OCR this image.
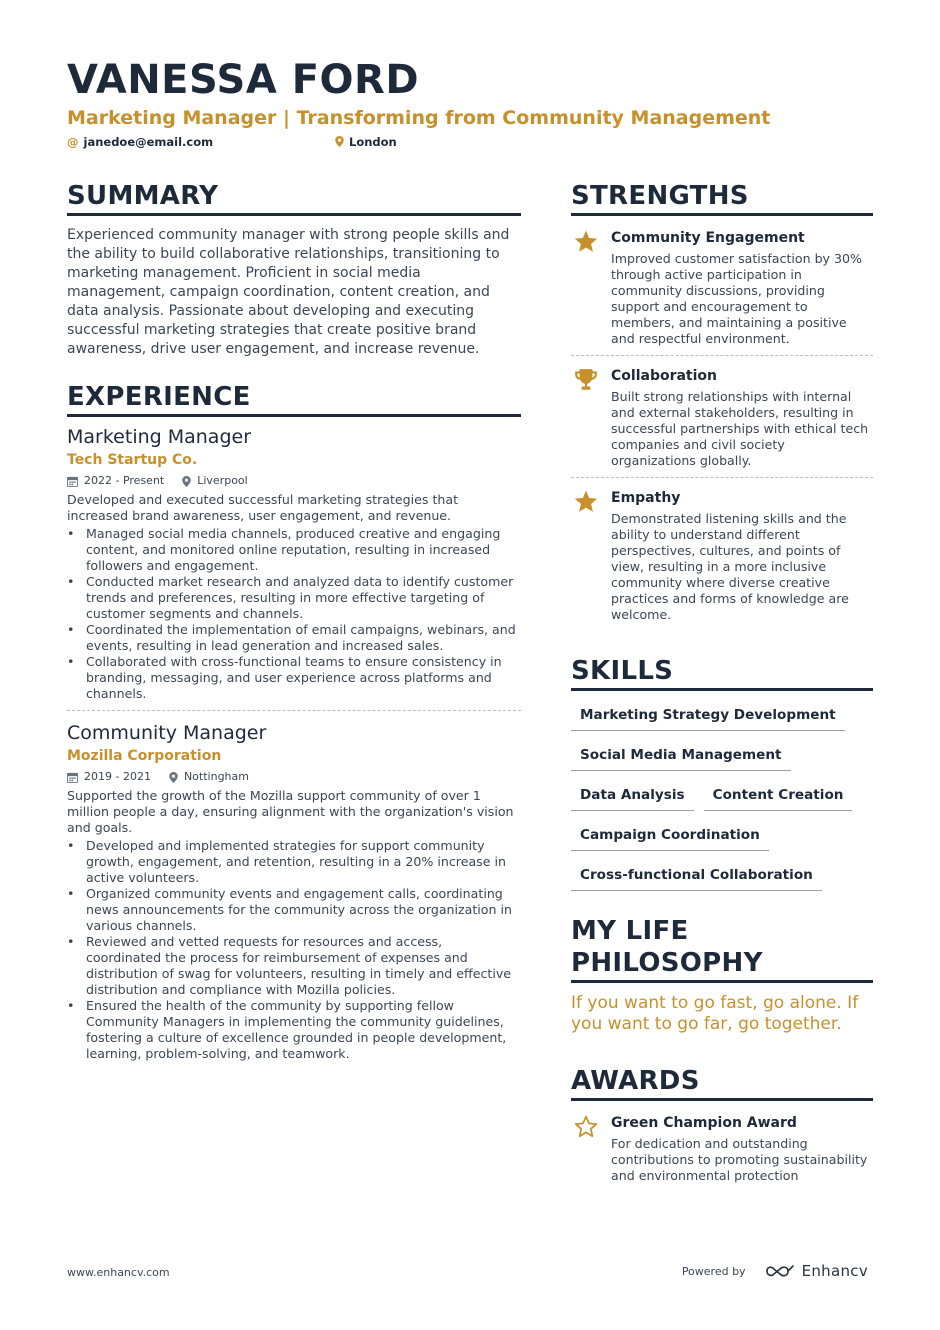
VANESSA FORD
Marketing Manager | Transforming from Community Management
@ janedoe@email.com	London
SUMMARY

Experienced community manager with strong people skills and the ability to build collaborative relationships, transitioning to marketing management. Proficient in social media management, campaign coordination, content creation, and data analysis. Passionate about developing and executing successful marketing strategies that create positive brand awareness, drive user engagement, and increase revenue.

EXPERIENCE
Marketing Manager
Tech Startup Co.
2022 - Present	Liverpool
Developed and executed successful marketing strategies that increased brand awareness, user engagement, and revenue.
• Managed social media channels, produced creative and engaging content, and monitored online reputation, resulting in increased followers and engagement.
• Conducted market research and analyzed data to identify customer trends and preferences, resulting in more effective targeting of customer segments and channels.
• Coordinated the implementation of email campaigns, webinars, and events, resulting in lead generation and increased sales.
• Collaborated with cross-functional teams to ensure consistency in branding, messaging, and user experience across platforms and channels.
Community Manager
Mozilla Corporation
2019 - 2021	Nottingham
Supported the growth of the Mozilla support community of over 1 million people a day, ensuring alignment with the organization's vision and goals.
• Developed and implemented strategies for support community growth, engagement, and retention, resulting in a 20% increase in active volunteers.
• Organized community events and engagement calls, coordinating news announcements for the community across the organization in various channels.
• Reviewed and vetted requests for resources and access, coordinated the process for reimbursement of expenses and distribution of swag for volunteers, resulting in timely and effective distribution and compliance with Mozilla policies.
• Ensured the health of the community by supporting fellow Community Managers in implementing the community guidelines, fostering a culture of excellence grounded in people development, learning, problem-solving, and teamwork.
STRENGTHS
Community Engagement
Improved customer satisfaction by 30% through active participation in community discussions, providing support and encouragement to members, and maintaining a positive and respectful environment.
Collaboration
Built strong relationships with internal and external stakeholders, resulting in successful partnerships with ethical tech companies and civil society organizations globally.
Empathy
Demonstrated listening skills and the ability to understand different perspectives, cultures, and points of view, resulting in a more inclusive community where diverse creative practices and forms of knowledge are welcome.
SKILLS
Marketing Strategy Development
Social Media Management
Data Analysis	Content Creation
Campaign Coordination
Cross-functional Collaboration
MY LIFE PHILOSOPHY
If you want to go fast, go alone. If you want to go far, go together.
AWARDS
Green Champion Award
For dedication and outstanding contributions to promoting sustainability and environmental protection
www.enhancv.com	Powered by	Enhancv
